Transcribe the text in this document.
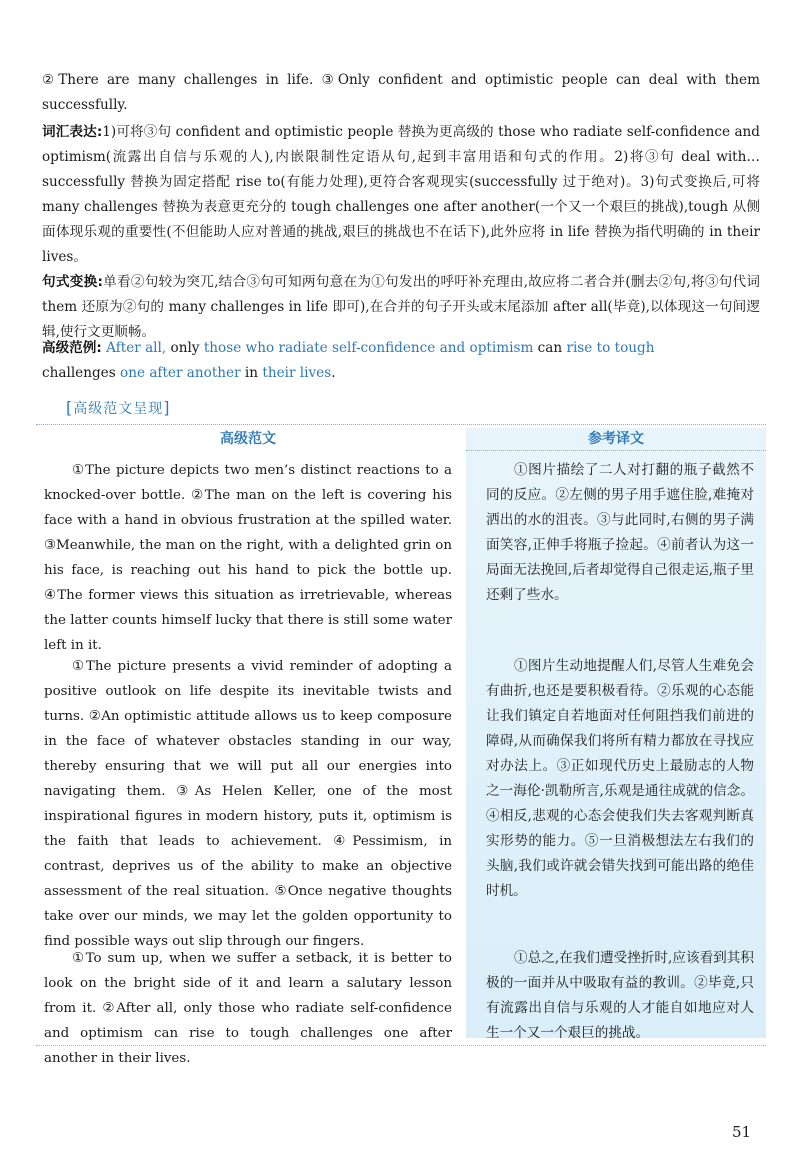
②There are many challenges in life. ③Only confident and optimistic people can deal with them successfully.

词汇表达:1)可将③句 confident and optimistic people 替换为更高级的 those who radiate self-confidence and optimism(流露出自信与乐观的人),内嵌限制性定语从句,起到丰富用语和句式的作用。2)将③句 deal with…successfully 替换为固定搭配 rise to(有能力处理),更符合客观现实(successfully 过于绝对)。3)句式变换后,可将 many challenges 替换为表意更充分的 tough challenges one after another(一个又一个艰巨的挑战),tough 从侧面体现乐观的重要性(不但能助人应对普通的挑战,艰巨的挑战也不在话下),此外应将 in life 替换为指代明确的 in their lives。

句式变换:单看②句较为突兀,结合③句可知两句意在为①句发出的呼吁补充理由,故应将二者合并(删去②句,将③句代词 them 还原为②句的 many challenges in life 即可),在合并的句子开头或末尾添加 after all(毕竟),以体现这一句间逻辑,使行文更顺畅。

高级范例: After all, only those who radiate self-confidence and optimism can rise to tough
challenges one after another in their lives.

[高级范文呈现]
高级范文

①The picture depicts two men’s distinct reactions to a knocked-over bottle. ②The man on the left is covering his face with a hand in obvious frustration at the spilled water. ③Meanwhile, the man on the right, with a delighted grin on his face, is reaching out his hand to pick the bottle up. ④The former views this situation as irretrievable, whereas the latter counts himself lucky that there is still some water left in it.

①The picture presents a vivid reminder of adopting a positive outlook on life despite its inevitable twists and turns. ②An optimistic attitude allows us to keep composure in the face of whatever obstacles standing in our way, thereby ensuring that we will put all our energies into navigating them. ③As Helen Keller, one of the most inspirational figures in modern history, puts it, optimism is the faith that leads to achievement. ④Pessimism, in contrast, deprives us of the ability to make an objective assessment of the real situation. ⑤Once negative thoughts take over our minds, we may let the golden opportunity to find possible ways out slip through our fingers.

①To sum up, when we suffer a setback, it is better to look on the bright side of it and learn a salutary lesson from it. ②After all, only those who radiate self-confidence and optimism can rise to tough challenges one after another in their lives.

参考译文

①图片描绘了二人对打翻的瓶子截然不同的反应。②左侧的男子用手遮住脸,难掩对洒出的水的沮丧。③与此同时,右侧的男子满面笑容,正伸手将瓶子捡起。④前者认为这一局面无法挽回,后者却觉得自己很走运,瓶子里还剩了些水。

①图片生动地提醒人们,尽管人生难免会有曲折,也还是要积极看待。②乐观的心态能让我们镇定自若地面对任何阻挡我们前进的障碍,从而确保我们将所有精力都放在寻找应对办法上。③正如现代历史上最励志的人物之一海伦·凯勒所言,乐观是通往成就的信念。④相反,悲观的心态会使我们失去客观判断真实形势的能力。⑤一旦消极想法左右我们的头脑,我们或许就会错失找到可能出路的绝佳时机。

①总之,在我们遭受挫折时,应该看到其积极的一面并从中吸取有益的教训。②毕竟,只有流露出自信与乐观的人才能自如地应对人生一个又一个艰巨的挑战。

51
